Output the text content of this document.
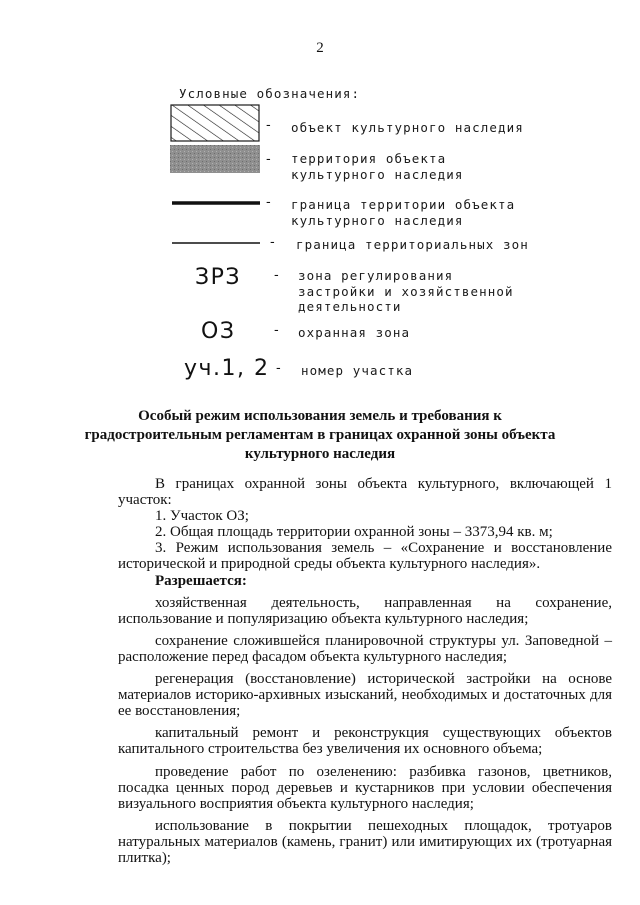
2
Условные обозначения:
- объект культурного наследия
- территория объекта
культурного наследия
- граница территории объекта
культурного наследия
- граница территориальных зон
ЗРЗ	- зона регулирования
застройки и хозяйственной
деятельности
ОЗ	- охранная зона
уч.1, 2 - номер участка
Особый режим использования земель и требования к
градостроительным регламентам в границах охранной зоны объекта
культурного наследия

В границах охранной зоны объекта культурного, включающей 1 участок:

1. Участок ОЗ;

2. Общая площадь территории охранной зоны – 3373,94 кв. м;

3. Режим использования земель – «Сохранение и восстановление исторической и природной среды объекта культурного наследия».

Разрешается:

хозяйственная деятельность, направленная на сохранение, использование и популяризацию объекта культурного наследия;

сохранение сложившейся планировочной структуры ул. Заповедной – расположение перед фасадом объекта культурного наследия;

регенерация (восстановление) исторической застройки на основе материалов историко-архивных изысканий, необходимых и достаточных для ее восстановления;

капитальный ремонт и реконструкция существующих объектов капитального строительства без увеличения их основного объема;

проведение работ по озеленению: разбивка газонов, цветников, посадка ценных пород деревьев и кустарников при условии обеспечения визуального восприятия объекта культурного наследия;

использование в покрытии пешеходных площадок, тротуаров натуральных материалов (камень, гранит) или имитирующих их (тротуарная плитка);
